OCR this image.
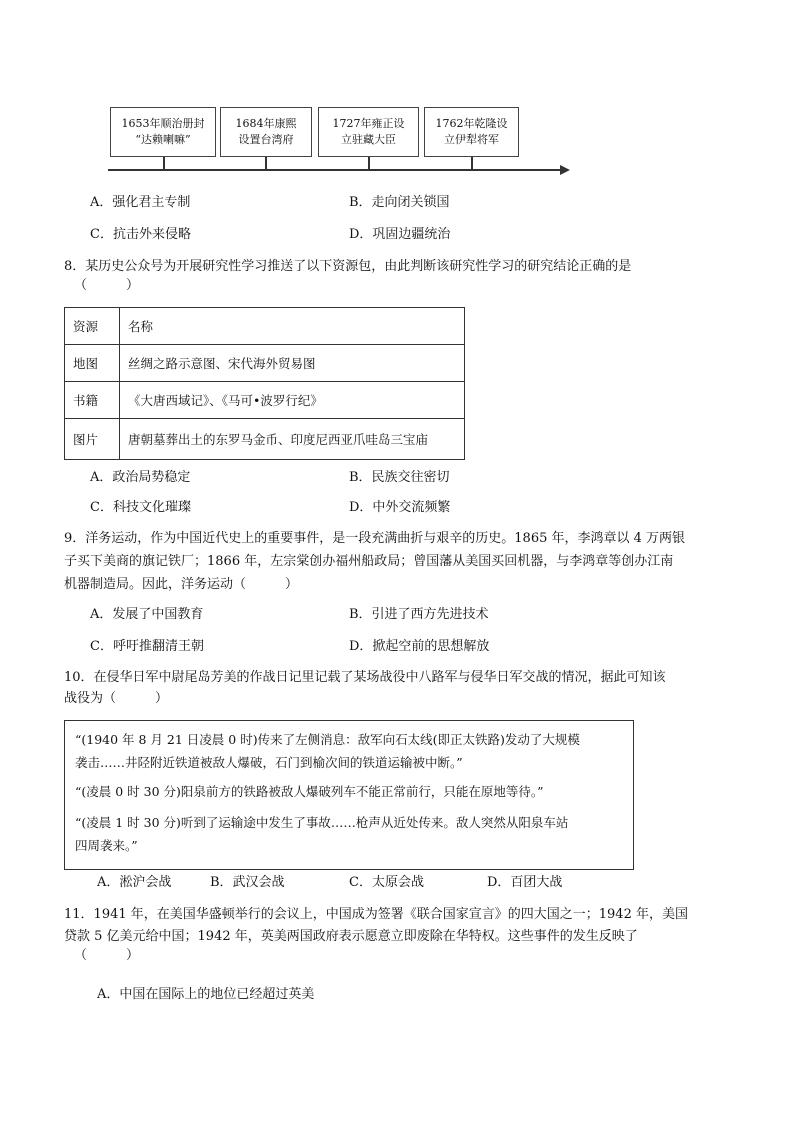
1653年顺治册封
“达赖喇嘛”
1684年康熙
设置台湾府
1727年雍正设
立驻藏大臣
1762年乾隆设
立伊犁将军
A．强化君主专制	B．走向闭关锁国
C．抗击外来侵略	D．巩固边疆统治
8．某历史公众号为开展研究性学习推送了以下资源包，由此判断该研究性学习的研究结论正确的是
（　　　）
资源	名称
地图	丝绸之路示意图、宋代海外贸易图
书籍	《大唐西域记》、《马可•波罗行纪》
图片	唐朝墓葬出土的东罗马金币、印度尼西亚爪哇岛三宝庙
A．政治局势稳定	B．民族交往密切
C．科技文化璀璨	D．中外交流频繁
9．洋务运动，作为中国近代史上的重要事件，是一段充满曲折与艰辛的历史。1865 年，李鸿章以 4 万两银
子买下美商的旗记铁厂；1866 年，左宗棠创办福州船政局；曾国藩从美国买回机器，与李鸿章等创办江南
机器制造局。因此，洋务运动（　　　）
A．发展了中国教育	B．引进了西方先进技术
C．呼吁推翻清王朝	D．掀起空前的思想解放
10．在侵华日军中尉尾岛芳美的作战日记里记载了某场战役中八路军与侵华日军交战的情况，据此可知该
战役为（　　　）
“(1940 年 8 月 21 日凌晨 0 时)传来了左侧消息：敌军向石太线(即正太铁路)发动了大规模
袭击……井陉附近铁道被敌人爆破，石门到榆次间的铁道运输被中断。”
“(凌晨 0 时 30 分)阳泉前方的铁路被敌人爆破列车不能正常前行，只能在原地等待。”
“(凌晨 1 时 30 分)听到了运输途中发生了事故……枪声从近处传来。敌人突然从阳泉车站
四周袭来。”
A．淞沪会战	B．武汉会战	C．太原会战	D．百团大战
11．1941 年，在美国华盛顿举行的会议上，中国成为签署《联合国家宣言》的四大国之一；1942 年，美国
贷款 5 亿美元给中国；1942 年，英美两国政府表示愿意立即废除在华特权。这些事件的发生反映了
（　　　）
A．中国在国际上的地位已经超过英美
